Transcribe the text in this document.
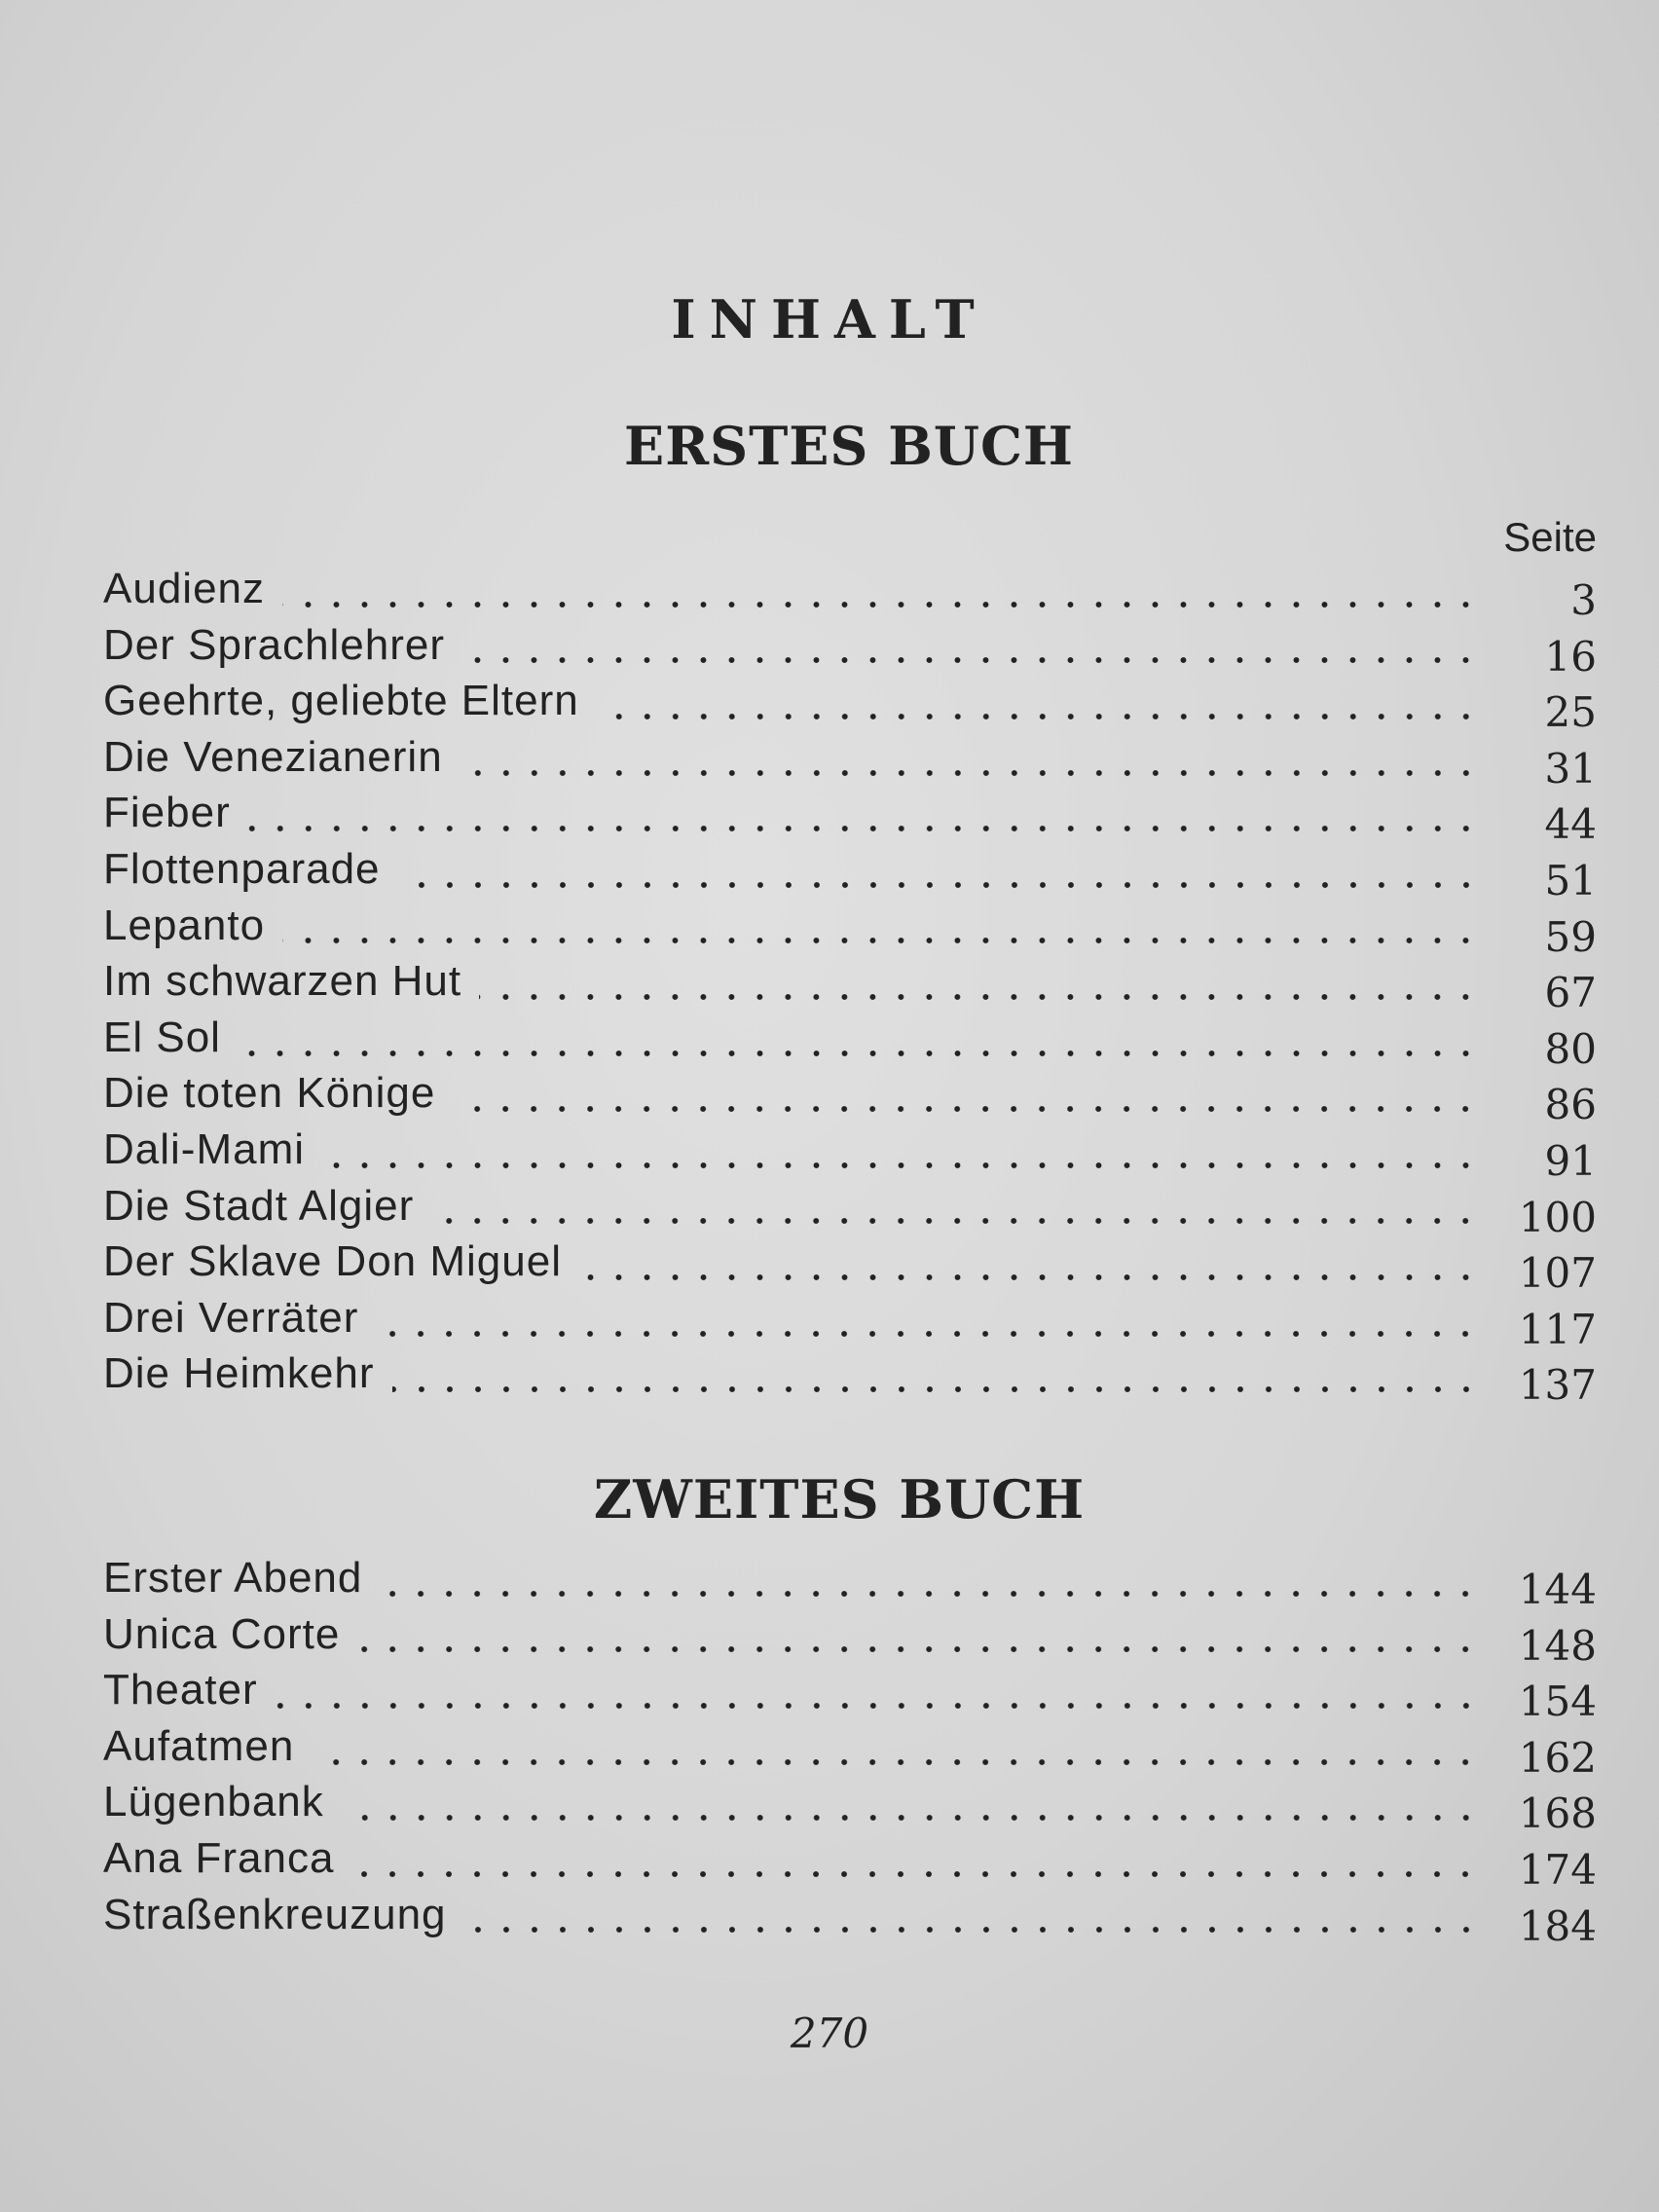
INHALT
ERSTES BUCH
Seite
Audienz	3
Der Sprachlehrer	16
Geehrte, geliebte Eltern	25
Die Venezianerin	31
Fieber	44
Flottenparade	51
Lepanto	59
Im schwarzen Hut	67
El Sol	80
Die toten Könige	86
Dali-Mami	91
Die Stadt Algier	100
Der Sklave Don Miguel	107
Drei Verräter	117
Die Heimkehr	137
ZWEITES BUCH
Erster Abend	144
Unica Corte	148
Theater	154
Aufatmen	162
Lügenbank	168
Ana Franca	174
Straßenkreuzung	184
270
